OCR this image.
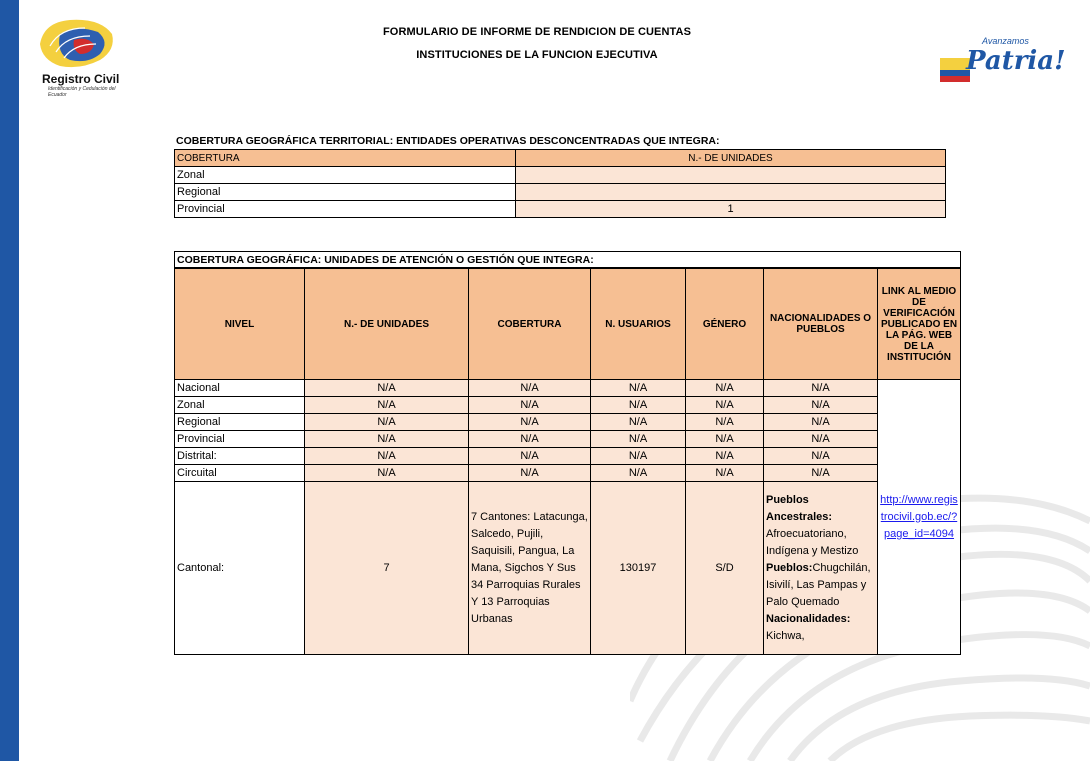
Registro Civil
Identificación y Cedulación del Ecuador
FORMULARIO DE INFORME DE RENDICION DE CUENTAS
INSTITUCIONES DE LA FUNCION EJECUTIVA
Avanzamos
Patria!
COBERTURA GEOGRÁFICA TERRITORIAL: ENTIDADES OPERATIVAS DESCONCENTRADAS QUE INTEGRA:
COBERTURA	N.- DE UNIDADES
Zonal	
Regional	
Provincial	1
COBERTURA GEOGRÁFICA: UNIDADES DE ATENCIÓN O GESTIÓN QUE INTEGRA:
NIVEL	N.- DE UNIDADES	COBERTURA	N. USUARIOS	GÉNERO	NACIONALIDADES O PUEBLOS	LINK AL MEDIO DE VERIFICACIÓN PUBLICADO EN LA PÁG. WEB DE LA INSTITUCIÓN
Nacional	N/A	N/A	N/A	N/A	N/A	http://www.registrocivil.gob.ec/?page_id=4094
Zonal	N/A	N/A	N/A	N/A	N/A	
Regional	N/A	N/A	N/A	N/A	N/A	
Provincial	N/A	N/A	N/A	N/A	N/A	
Distrital:	N/A	N/A	N/A	N/A	N/A	
Circuital	N/A	N/A	N/A	N/A	N/A	
Cantonal:	7	7 Cantones: Latacunga, Salcedo, Pujili, Saquisili, Pangua, La Mana, Sigchos Y Sus 34 Parroquias Rurales Y 13 Parroquias Urbanas	130197	S/D	Pueblos Ancestrales: Afroecuatoriano, Indígena y Mestizo Pueblos:Chugchilán, Isivilí, Las Pampas y Palo Quemado Nacionalidades: Kichwa,	
